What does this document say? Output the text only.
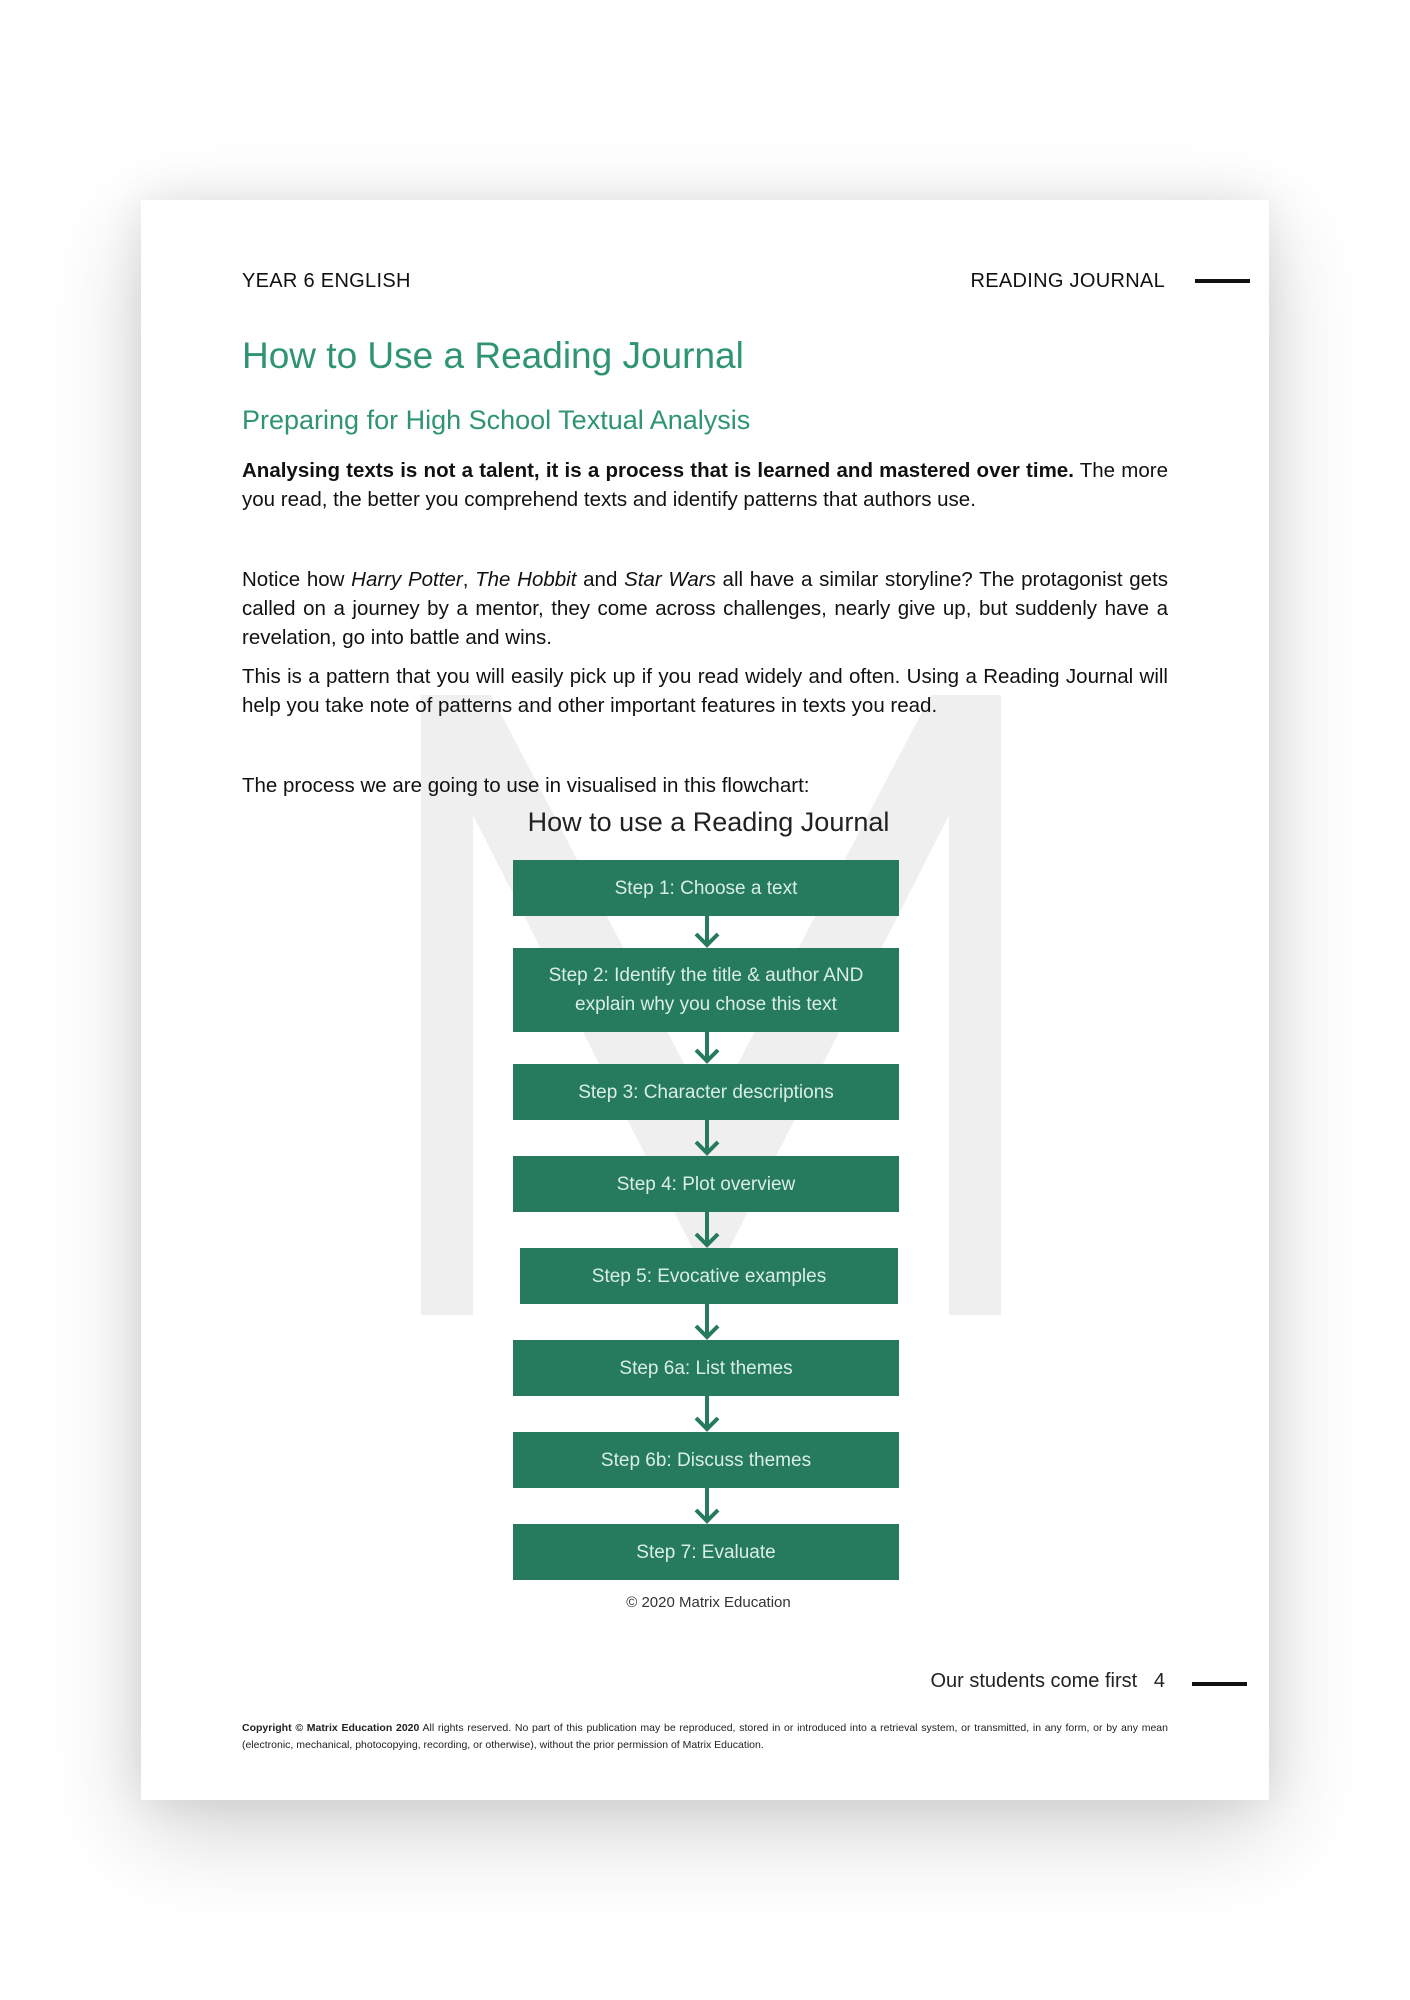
YEAR 6 ENGLISH	READING JOURNAL
How to Use a Reading Journal
Preparing for High School Textual Analysis

Analysing texts is not a talent, it is a process that is learned and mastered over time. The more you read, the better you comprehend texts and identify patterns that authors use.

Notice how Harry Potter, The Hobbit and Star Wars all have a similar storyline? The protagonist gets called on a journey by a mentor, they come across challenges, nearly give up, but suddenly have a revelation, go into battle and wins.

This is a pattern that you will easily pick up if you read widely and often. Using a Reading Journal will help you take note of patterns and other important features in texts you read.

The process we are going to use in visualised in this flowchart:

How to use a Reading Journal
Step 1: Choose a text
Step 2: Identify the title & author AND explain why you chose this text
Step 3: Character descriptions
Step 4: Plot overview
Step 5: Evocative examples
Step 6a: List themes
Step 6b: Discuss themes
Step 7: Evaluate
© 2020 Matrix Education
Our students come first 4

Copyright © Matrix Education 2020 All rights reserved. No part of this publication may be reproduced, stored in or introduced into a retrieval system, or transmitted, in any form, or by any mean (electronic, mechanical, photocopying, recording, or otherwise), without the prior permission of Matrix Education.
